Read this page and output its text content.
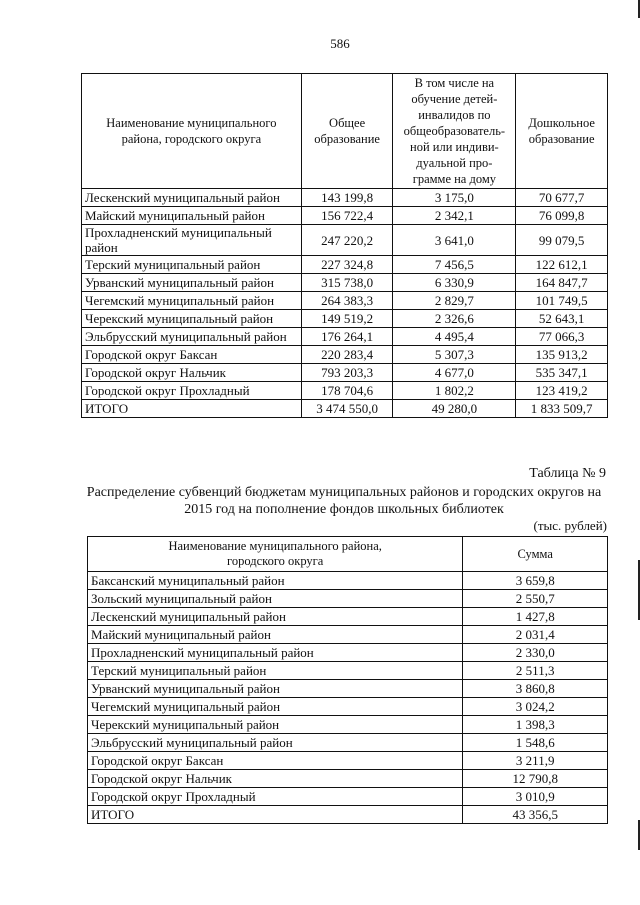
586
Наименование муниципального района, городского округа	Общее образование	В том числе на обучение детей-инвалидов по общеобразователь-ной или индиви-дуальной про-грамме на дому	Дошкольное образование
Лескенский муниципальный район	143 199,8	3 175,0	70 677,7
Майский муниципальный район	156 722,4	2 342,1	76 099,8
Прохладненский муниципальный район	247 220,2	3 641,0	99 079,5
Терский муниципальный район	227 324,8	7 456,5	122 612,1
Урванский муниципальный район	315 738,0	6 330,9	164 847,7
Чегемский муниципальный район	264 383,3	2 829,7	101 749,5
Черекский муниципальный район	149 519,2	2 326,6	52 643,1
Эльбрусский муниципальный район	176 264,1	4 495,4	77 066,3
Городской округ Баксан	220 283,4	5 307,3	135 913,2
Городской округ Нальчик	793 203,3	4 677,0	535 347,1
Городской округ Прохладный	178 704,6	1 802,2	123 419,2
ИТОГО	3 474 550,0	49 280,0	1 833 509,7
Таблица № 9
Распределение субвенций бюджетам муниципальных районов и городских округов на 2015 год на пополнение фондов школьных библиотек
(тыс. рублей)
Наименование муниципального района, городского округа	Сумма
Баксанский муниципальный район	3 659,8
Зольский муниципальный район	2 550,7
Лескенский муниципальный район	1 427,8
Майский муниципальный район	2 031,4
Прохладненский муниципальный район	2 330,0
Терский муниципальный район	2 511,3
Урванский муниципальный район	3 860,8
Чегемский муниципальный район	3 024,2
Черекский муниципальный район	1 398,3
Эльбрусский муниципальный район	1 548,6
Городской округ Баксан	3 211,9
Городской округ Нальчик	12 790,8
Городской округ Прохладный	3 010,9
ИТОГО	43 356,5
